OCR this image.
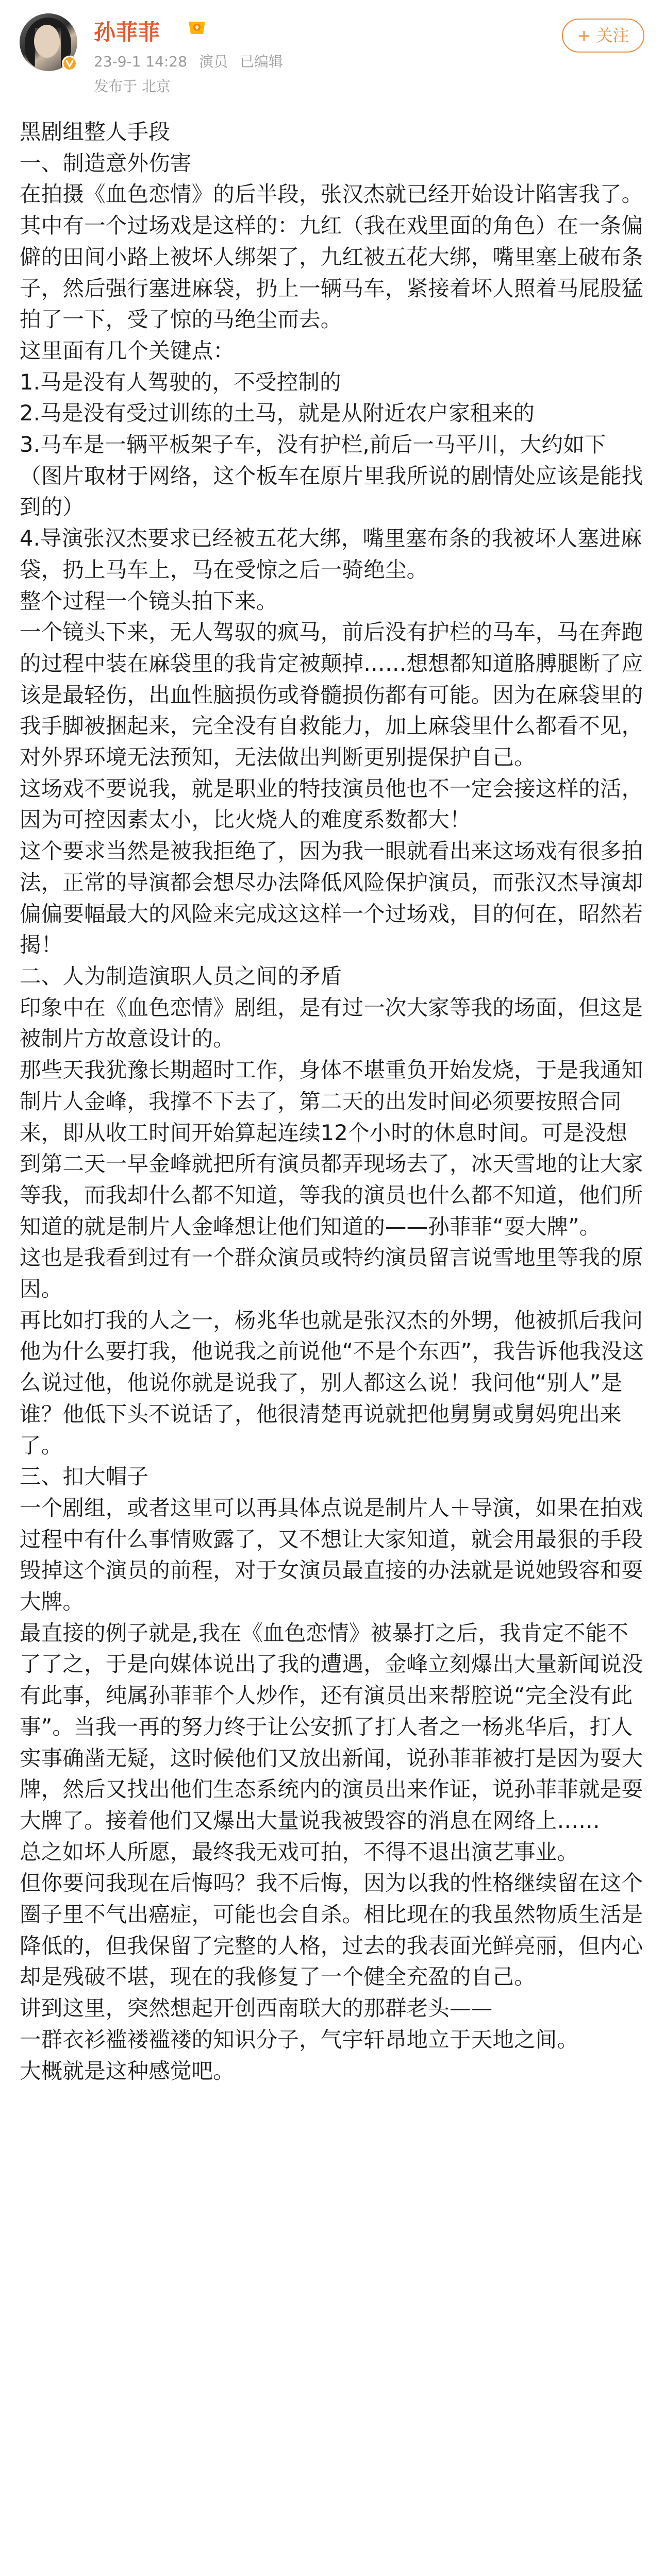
孙菲菲
23-9-1 14:28 演员 已编辑
发布于 北京
+ 关注

黑剧组整人手段

一、制造意外伤害

在拍摄《血色恋情》的后半段，张汉杰就已经开始设计陷害我了。

其中有一个过场戏是这样的：九红（我在戏里面的角色）在一条偏僻的田间小路上被坏人绑架了，九红被五花大绑，嘴里塞上破布条子，然后强行塞进麻袋，扔上一辆马车，紧接着坏人照着马屁股猛拍了一下，受了惊的马绝尘而去。

这里面有几个关键点：

1.马是没有人驾驶的，不受控制的

2.马是没有受过训练的土马，就是从附近农户家租来的

3.马车是一辆平板架子车，没有护栏,前后一马平川，大约如下（图片取材于网络，这个板车在原片里我所说的剧情处应该是能找到的）

4.导演张汉杰要求已经被五花大绑，嘴里塞布条的我被坏人塞进麻袋，扔上马车上，马在受惊之后一骑绝尘。

整个过程一个镜头拍下来。

一个镜头下来，无人驾驭的疯马，前后没有护栏的马车，马在奔跑的过程中装在麻袋里的我肯定被颠掉……想想都知道胳膊腿断了应该是最轻伤，出血性脑损伤或脊髓损伤都有可能。因为在麻袋里的我手脚被捆起来，完全没有自救能力，加上麻袋里什么都看不见，对外界环境无法预知，无法做出判断更别提保护自己。

这场戏不要说我，就是职业的特技演员他也不一定会接这样的活，因为可控因素太小，比火烧人的难度系数都大！

这个要求当然是被我拒绝了，因为我一眼就看出来这场戏有很多拍法，正常的导演都会想尽办法降低风险保护演员，而张汉杰导演却偏偏要幅最大的风险来完成这这样一个过场戏，目的何在，昭然若揭！

二、人为制造演职人员之间的矛盾

印象中在《血色恋情》剧组，是有过一次大家等我的场面，但这是被制片方故意设计的。

那些天我犹豫长期超时工作，身体不堪重负开始发烧，于是我通知制片人金峰，我撑不下去了，第二天的出发时间必须要按照合同来，即从收工时间开始算起连续12个小时的休息时间。可是没想到第二天一早金峰就把所有演员都弄现场去了，冰天雪地的让大家等我，而我却什么都不知道，等我的演员也什么都不知道，他们所知道的就是制片人金峰想让他们知道的——孙菲菲“耍大牌”。

这也是我看到过有一个群众演员或特约演员留言说雪地里等我的原因。

再比如打我的人之一，杨兆华也就是张汉杰的外甥，他被抓后我问他为什么要打我，他说我之前说他“不是个东西”，我告诉他我没这么说过他，他说你就是说我了，别人都这么说！我问他“别人”是谁？他低下头不说话了，他很清楚再说就把他舅舅或舅妈兜出来了。

三、扣大帽子

一个剧组，或者这里可以再具体点说是制片人＋导演，如果在拍戏过程中有什么事情败露了，又不想让大家知道，就会用最狠的手段毁掉这个演员的前程，对于女演员最直接的办法就是说她毁容和耍大牌。

最直接的例子就是,我在《血色恋情》被暴打之后，我肯定不能不了了之，于是向媒体说出了我的遭遇，金峰立刻爆出大量新闻说没有此事，纯属孙菲菲个人炒作，还有演员出来帮腔说“完全没有此事”。当我一再的努力终于让公安抓了打人者之一杨兆华后，打人实事确凿无疑，这时候他们又放出新闻，说孙菲菲被打是因为耍大牌，然后又找出他们生态系统内的演员出来作证，说孙菲菲就是耍大牌了。接着他们又爆出大量说我被毁容的消息在网络上……

总之如坏人所愿，最终我无戏可拍，不得不退出演艺事业。

但你要问我现在后悔吗？我不后悔，因为以我的性格继续留在这个圈子里不气出癌症，可能也会自杀。相比现在的我虽然物质生活是降低的，但我保留了完整的人格，过去的我表面光鲜亮丽，但内心却是残破不堪，现在的我修复了一个健全充盈的自己。

讲到这里，突然想起开创西南联大的那群老头——

一群衣衫褴褛褴褛的知识分子，气宇轩昂地立于天地之间。

大概就是这种感觉吧。
